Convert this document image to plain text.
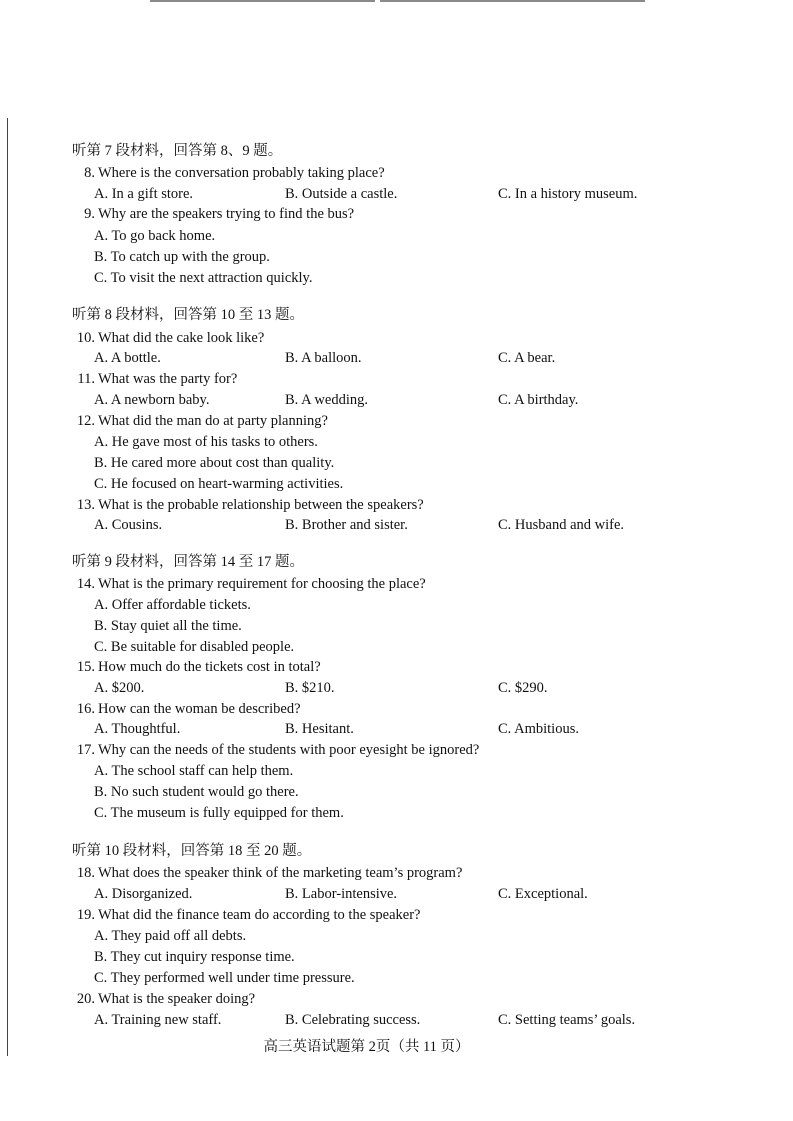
听第 7 段材料，回答第 8、9 题。
8. Where is the conversation probably taking place?
A. In a gift store.	B. Outside a castle.	C. In a history museum.
9. Why are the speakers trying to find the bus?
A. To go back home.
B. To catch up with the group.
C. To visit the next attraction quickly.
听第 8 段材料，回答第 10 至 13 题。
10. What did the cake look like?
A. A bottle.	B. A balloon.	C. A bear.
11. What was the party for?
A. A newborn baby.	B. A wedding.	C. A birthday.
12. What did the man do at party planning?
A. He gave most of his tasks to others.
B. He cared more about cost than quality.
C. He focused on heart-warming activities.
13. What is the probable relationship between the speakers?
A. Cousins.	B. Brother and sister.	C. Husband and wife.
听第 9 段材料，回答第 14 至 17 题。
14. What is the primary requirement for choosing the place?
A. Offer affordable tickets.
B. Stay quiet all the time.
C. Be suitable for disabled people.
15. How much do the tickets cost in total?
A. $200.	B. $210.	C. $290.
16. How can the woman be described?
A. Thoughtful.	B. Hesitant.	C. Ambitious.
17. Why can the needs of the students with poor eyesight be ignored?
A. The school staff can help them.
B. No such student would go there.
C. The museum is fully equipped for them.
听第 10 段材料，回答第 18 至 20 题。
18. What does the speaker think of the marketing team’s program?
A. Disorganized.	B. Labor-intensive.	C. Exceptional.
19. What did the finance team do according to the speaker?
A. They paid off all debts.
B. They cut inquiry response time.
C. They performed well under time pressure.
20. What is the speaker doing?
A. Training new staff.	B. Celebrating success.	C. Setting teams’ goals.
高三英语试题第 2页（共 11 页）
